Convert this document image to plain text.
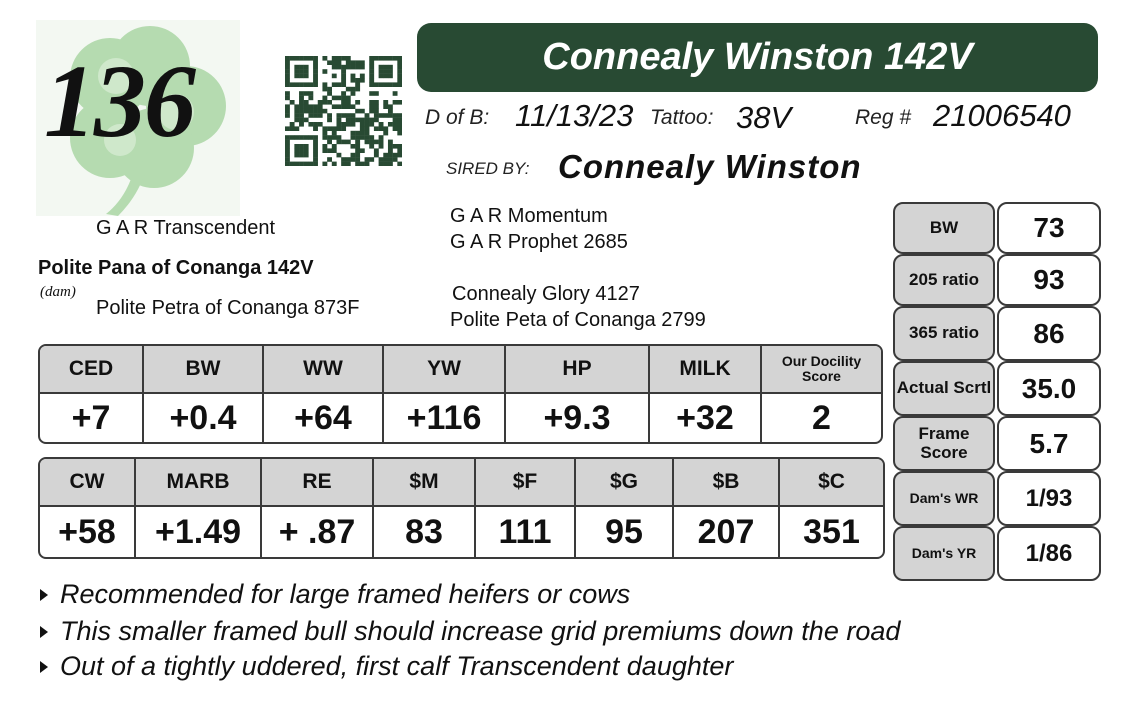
136	Connealy Winston 142V
D of B: 11/13/23 Tattoo: 38V	Reg # 21006540
SIRED BY: Connealy Winston
G A R Transcendent
Polite Pana of Conanga 142V
(dam)
Polite Petra of Conanga 873F
G A R Momentum
G A R Prophet 2685
Connealy Glory 4127
Polite Peta of Conanga 2799
CED	BW	WW	YW	HP	MILK	Our Docility Score
+7	+0.4	+64	+116	+9.3	+32	2
CW	MARB	RE	$M	$F	$G	$B	$C
+58	+1.49	+ .87	83	111	95	207	351
BW	73
205 ratio	93
365 ratio	86
Actual Scrtl	35.0
Frame Score	5.7
Dam's WR	1/93
Dam's YR	1/86
Recommended for large framed heifers or cows
This smaller framed bull should increase grid premiums down the road
Out of a tightly uddered, first calf Transcendent daughter
